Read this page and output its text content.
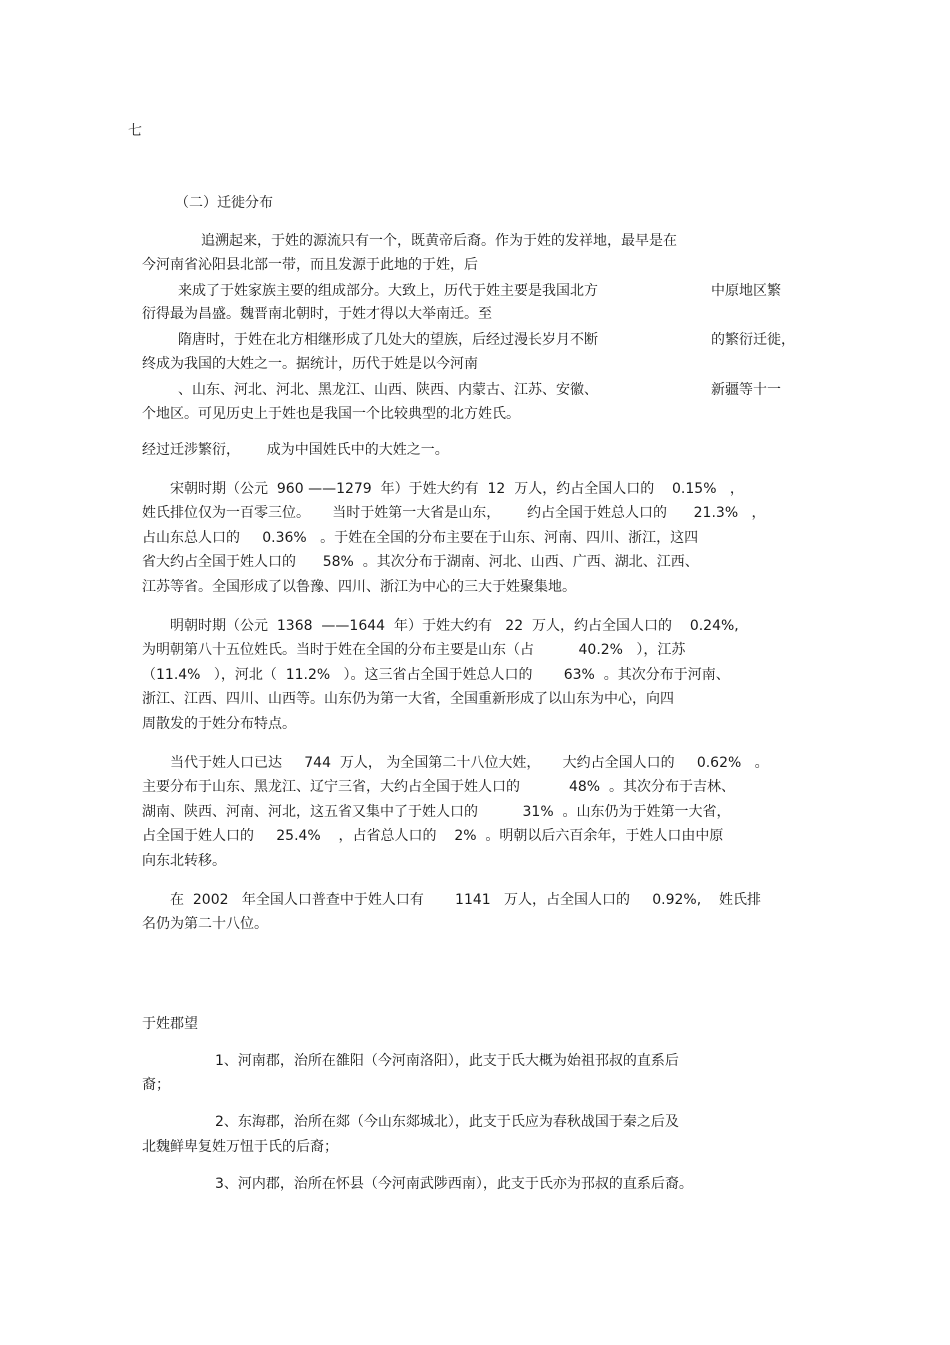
七
（二）迁徙分布
追溯起来，于姓的源流只有一个，既黄帝后裔。作为于姓的发祥地，最早是在
今河南省沁阳县北部一带，而且发源于此地的于姓，后
来成了于姓家族主要的组成部分。大致上，历代于姓主要是我国北方	中原地区繁
衍得最为昌盛。魏晋南北朝时，于姓才得以大举南迁。至
隋唐时，于姓在北方相继形成了几处大的望族，后经过漫长岁月不断	的繁衍迁徙，
终成为我国的大姓之一。据统计，历代于姓是以今河南
、山东、河北、河北、黑龙江、山西、陕西、内蒙古、江苏、安徽、	新疆等十一
个地区。可见历史上于姓也是我国一个比较典型的北方姓氏。
经过迁涉繁衍，      成为中国姓氏中的大姓之一。
宋朝时期（公元  960 ——1279  年）于姓大约有  12  万人，约占全国人口的    0.15%   ，
姓氏排位仅为一百零三位。     当时于姓第一大省是山东，      约占全国于姓总人口的      21.3%   ，
占山东总人口的     0.36%   。于姓在全国的分布主要在于山东、河南、四川、浙江，这四
省大约占全国于姓人口的      58%  。其次分布于湖南、河北、山西、广西、湖北、江西、
江苏等省。全国形成了以鲁豫、四川、浙江为中心的三大于姓聚集地。
明朝时期（公元  1368  ——1644  年）于姓大约有   22  万人，约占全国人口的    0.24%,
为明朝第八十五位姓氏。当时于姓在全国的分布主要是山东（占          40.2%   ），江苏
（11.4%   ），河北（  11.2%   ）。这三省占全国于姓总人口的       63%  。其次分布于河南、
浙江、江西、四川、山西等。山东仍为第一大省，全国重新形成了以山东为中心，向四
周散发的于姓分布特点。
当代于姓人口已达     744  万人， 为全国第二十八位大姓，     大约占全国人口的     0.62%   。
主要分布于山东、黑龙江、辽宁三省，大约占全国于姓人口的           48%  。其次分布于吉林、
湖南、陕西、河南、河北，这五省又集中了于姓人口的          31%  。山东仍为于姓第一大省，
占全国于姓人口的     25.4%    ，占省总人口的    2%  。明朝以后六百余年，于姓人口由中原
向东北转移。
在  2002   年全国人口普查中于姓人口有       1141   万人，占全国人口的     0.92%,    姓氏排
名仍为第二十八位。
于姓郡望
1、河南郡，治所在雒阳（今河南洛阳），此支于氏大概为始祖邘叔的直系后
裔；
2、东海郡，治所在郯（今山东郯城北），此支于氏应为春秋战国于秦之后及
北魏鲜卑复姓万忸于氏的后裔；
3、河内郡，治所在怀县（今河南武陟西南），此支于氏亦为邘叔的直系后裔。
